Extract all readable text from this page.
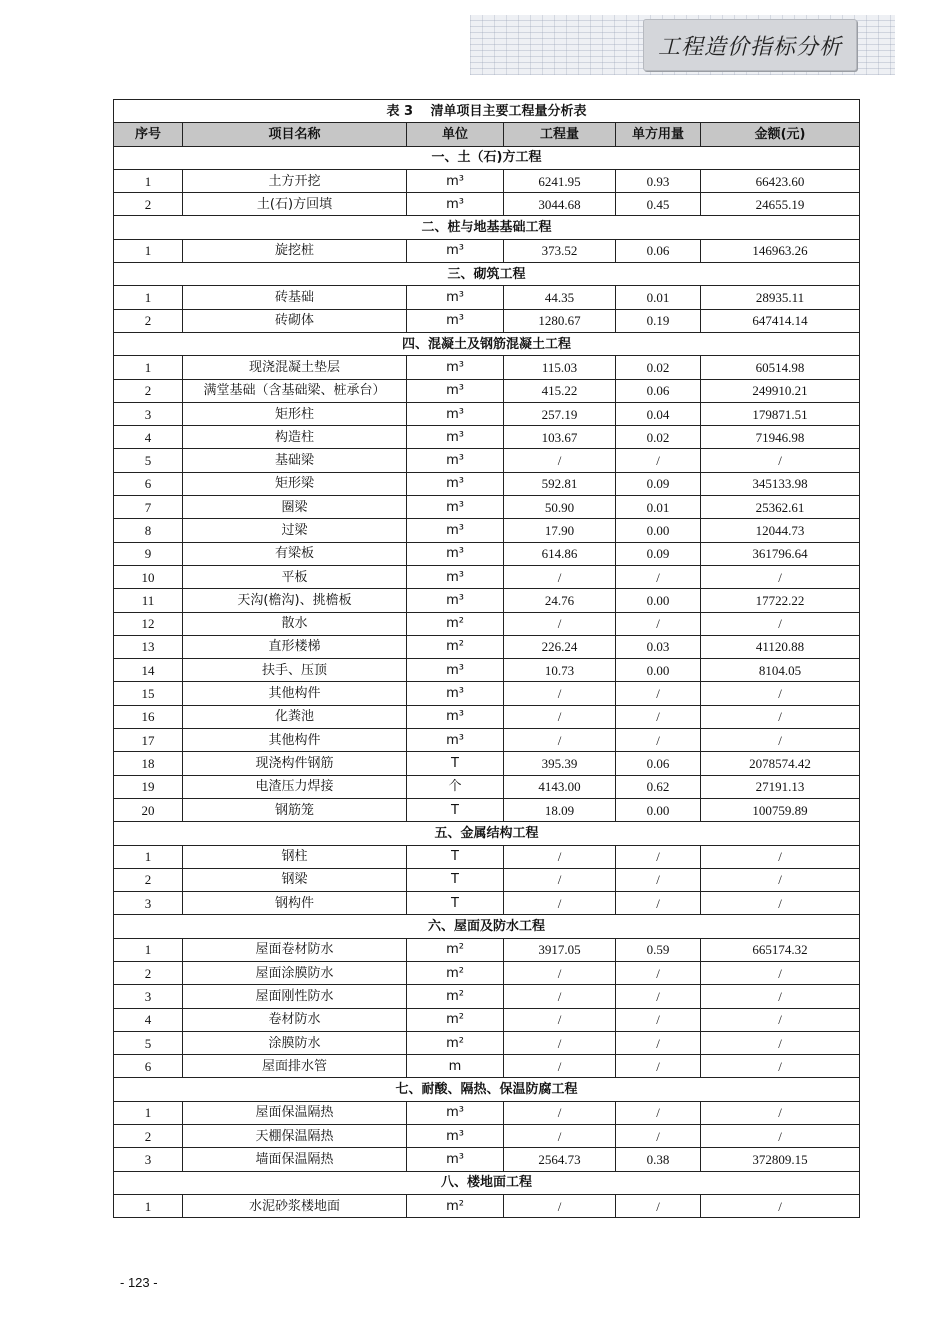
工程造价指标分析
表 3　 清单项目主要工程量分析表					
序号	项目名称	单位	工程量	单方用量	金额(元)
一、土（石)方工程					
1	土方开挖	m³	6241.95	0.93	66423.60
2	土(石)方回填	m³	3044.68	0.45	24655.19
二、桩与地基基础工程					
1	旋挖桩	m³	373.52	0.06	146963.26
三、砌筑工程					
1	砖基础	m³	44.35	0.01	28935.11
2	砖砌体	m³	1280.67	0.19	647414.14
四、混凝土及钢筋混凝土工程					
1	现浇混凝土垫层	m³	115.03	0.02	60514.98
2	满堂基础（含基础梁、桩承台）	m³	415.22	0.06	249910.21
3	矩形柱	m³	257.19	0.04	179871.51
4	构造柱	m³	103.67	0.02	71946.98
5	基础梁	m³	/	/	/
6	矩形梁	m³	592.81	0.09	345133.98
7	圈梁	m³	50.90	0.01	25362.61
8	过梁	m³	17.90	0.00	12044.73
9	有梁板	m³	614.86	0.09	361796.64
10	平板	m³	/	/	/
11	天沟(檐沟)、挑檐板	m³	24.76	0.00	17722.22
12	散水	m²	/	/	/
13	直形楼梯	m²	226.24	0.03	41120.88
14	扶手、压顶	m³	10.73	0.00	8104.05
15	其他构件	m³	/	/	/
16	化粪池	m³	/	/	/
17	其他构件	m³	/	/	/
18	现浇构件钢筋	T	395.39	0.06	2078574.42
19	电渣压力焊接	个	4143.00	0.62	27191.13
20	钢筋笼	T	18.09	0.00	100759.89
五、金属结构工程					
1	钢柱	T	/	/	/
2	钢梁	T	/	/	/
3	钢构件	T	/	/	/
六、屋面及防水工程					
1	屋面卷材防水	m²	3917.05	0.59	665174.32
2	屋面涂膜防水	m²	/	/	/
3	屋面刚性防水	m²	/	/	/
4	卷材防水	m²	/	/	/
5	涂膜防水	m²	/	/	/
6	屋面排水管	m	/	/	/
七、耐酸、隔热、保温防腐工程					
1	屋面保温隔热	m³	/	/	/
2	天棚保温隔热	m³	/	/	/
3	墙面保温隔热	m³	2564.73	0.38	372809.15
八、楼地面工程					
1	水泥砂浆楼地面	m²	/	/	/
- 123 -
